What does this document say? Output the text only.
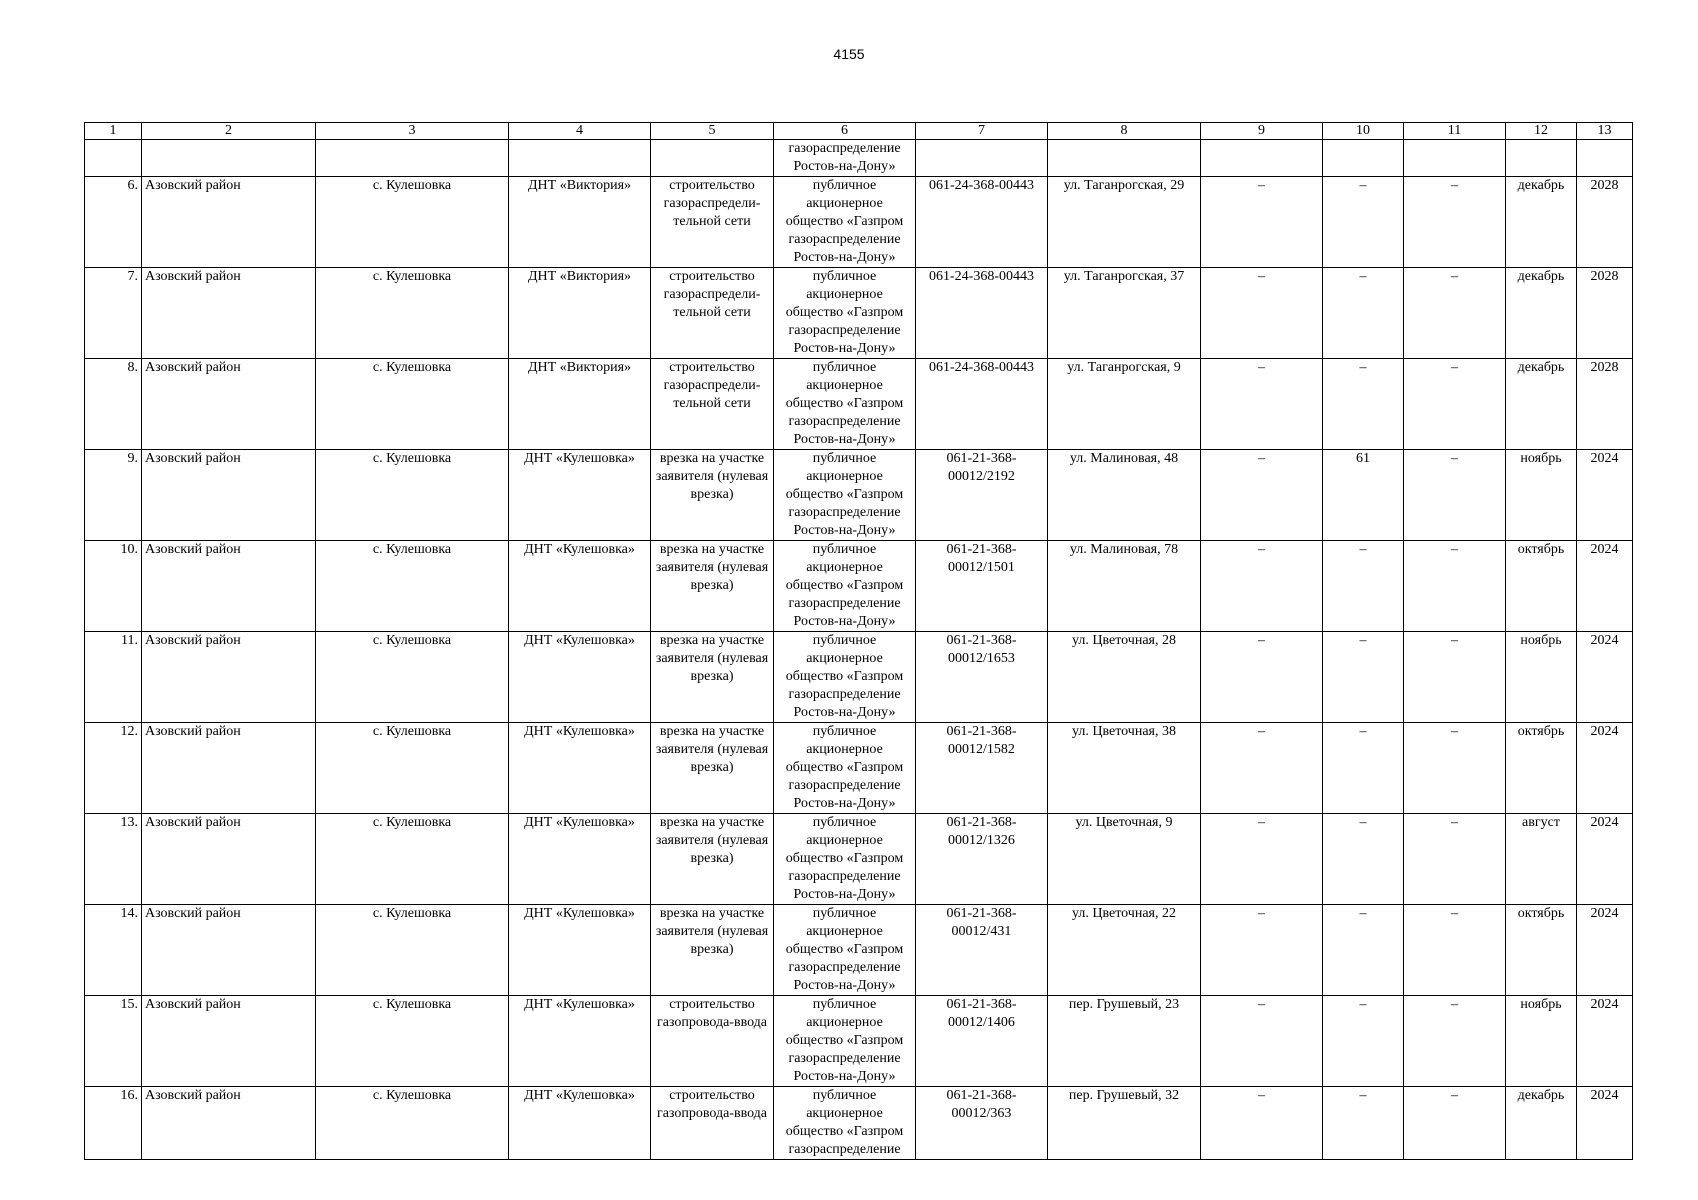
4155
1	2	3	4	5	6	7	8	9	10	11	12	13
					газораспределение Ростов-на-Дону»							
6.	Азовский район	с. Кулешовка	ДНТ «Виктория»	строительство газораспредели-тельной сети	публичное акционерное общество «Газпром газораспределение Ростов-на-Дону»	061-24-368-00443	ул. Таганрогская, 29	–	–	–	декабрь	2028
7.	Азовский район	с. Кулешовка	ДНТ «Виктория»	строительство газораспредели-тельной сети	публичное акционерное общество «Газпром газораспределение Ростов-на-Дону»	061-24-368-00443	ул. Таганрогская, 37	–	–	–	декабрь	2028
8.	Азовский район	с. Кулешовка	ДНТ «Виктория»	строительство газораспредели-тельной сети	публичное акционерное общество «Газпром газораспределение Ростов-на-Дону»	061-24-368-00443	ул. Таганрогская, 9	–	–	–	декабрь	2028
9.	Азовский район	с. Кулешовка	ДНТ «Кулешовка»	врезка на участке заявителя (нулевая врезка)	публичное акционерное общество «Газпром газораспределение Ростов-на-Дону»	061-21-368-00012/2192	ул. Малиновая, 48	–	61	–	ноябрь	2024
10.	Азовский район	с. Кулешовка	ДНТ «Кулешовка»	врезка на участке заявителя (нулевая врезка)	публичное акционерное общество «Газпром газораспределение Ростов-на-Дону»	061-21-368-00012/1501	ул. Малиновая, 78	–	–	–	октябрь	2024
11.	Азовский район	с. Кулешовка	ДНТ «Кулешовка»	врезка на участке заявителя (нулевая врезка)	публичное акционерное общество «Газпром газораспределение Ростов-на-Дону»	061-21-368-00012/1653	ул. Цветочная, 28	–	–	–	ноябрь	2024
12.	Азовский район	с. Кулешовка	ДНТ «Кулешовка»	врезка на участке заявителя (нулевая врезка)	публичное акционерное общество «Газпром газораспределение Ростов-на-Дону»	061-21-368-00012/1582	ул. Цветочная, 38	–	–	–	октябрь	2024
13.	Азовский район	с. Кулешовка	ДНТ «Кулешовка»	врезка на участке заявителя (нулевая врезка)	публичное акционерное общество «Газпром газораспределение Ростов-на-Дону»	061-21-368-00012/1326	ул. Цветочная, 9	–	–	–	август	2024
14.	Азовский район	с. Кулешовка	ДНТ «Кулешовка»	врезка на участке заявителя (нулевая врезка)	публичное акционерное общество «Газпром газораспределение Ростов-на-Дону»	061-21-368-00012/431	ул. Цветочная, 22	–	–	–	октябрь	2024
15.	Азовский район	с. Кулешовка	ДНТ «Кулешовка»	строительство газопровода-ввода	публичное акционерное общество «Газпром газораспределение Ростов-на-Дону»	061-21-368-00012/1406	пер. Грушевый, 23	–	–	–	ноябрь	2024
16.	Азовский район	с. Кулешовка	ДНТ «Кулешовка»	строительство газопровода-ввода	публичное акционерное общество «Газпром газораспределение	061-21-368-00012/363	пер. Грушевый, 32	–	–	–	декабрь	2024
